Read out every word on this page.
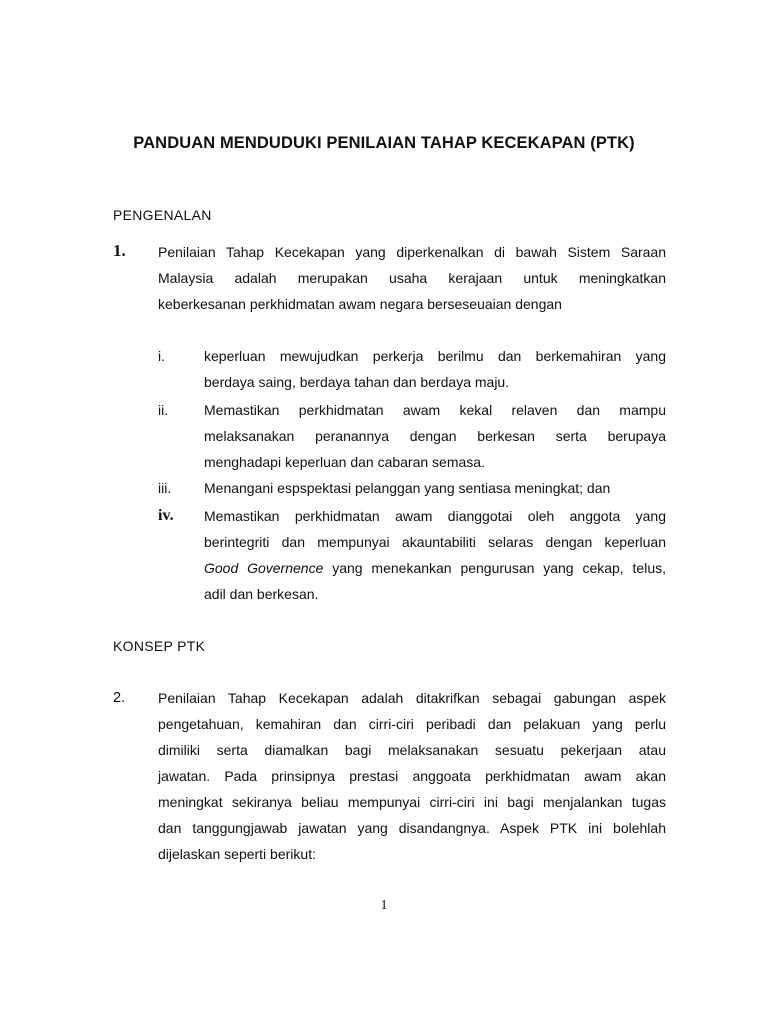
PANDUAN MENDUDUKI PENILAIAN TAHAP KECEKAPAN (PTK)
PENGENALAN
1. Penilaian Tahap Kecekapan yang diperkenalkan di bawah Sistem Saraan
Malaysia adalah merupakan usaha kerajaan untuk meningkatkan
keberkesanan perkhidmatan awam negara berseseuaian dengan
i.	keperluan mewujudkan perkerja berilmu dan berkemahiran yang
berdaya saing, berdaya tahan dan berdaya maju.
ii.	Memastikan perkhidmatan awam kekal relaven dan mampu
melaksanakan peranannya dengan berkesan serta berupaya
menghadapi keperluan dan cabaran semasa.
iii. Menangani espspektasi pelanggan yang sentiasa meningkat; dan
iv. Memastikan perkhidmatan awam dianggotai oleh anggota yang
berintegriti dan mempunyai akauntabiliti selaras dengan keperluan
Good Governence yang menekankan pengurusan yang cekap, telus,
adil dan berkesan.
KONSEP PTK
2. Penilaian Tahap Kecekapan adalah ditakrifkan sebagai gabungan aspek
pengetahuan, kemahiran dan cirri-ciri peribadi dan pelakuan yang perlu
dimiliki serta diamalkan bagi melaksanakan sesuatu pekerjaan atau
jawatan. Pada prinsipnya prestasi anggoata perkhidmatan awam akan
meningkat sekiranya beliau mempunyai cirri-ciri ini bagi menjalankan tugas
dan tanggungjawab jawatan yang disandangnya. Aspek PTK ini bolehlah
dijelaskan seperti berikut:
1
